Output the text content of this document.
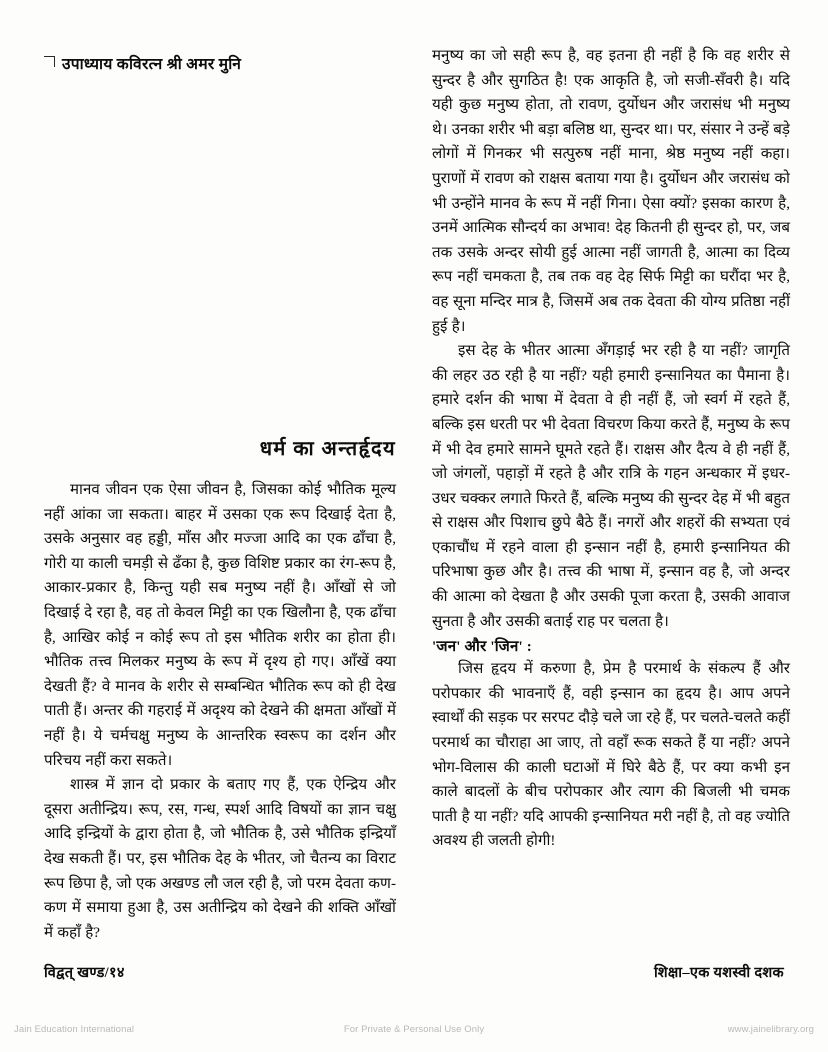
उपाध्याय कविरत्न श्री अमर मुनि
धर्म का अन्तर्हृदय

मानव जीवन एक ऐसा जीवन है, जिसका कोई भौतिक मूल्य नहीं आंका जा सकता। बाहर में उसका एक रूप दिखाई देता है, उसके अनुसार वह हड्डी, माँस और मज्जा आदि का एक ढाँचा है, गोरी या काली चमड़ी से ढँका है, कुछ विशिष्ट प्रकार का रंग-रूप है, आकार-प्रकार है, किन्तु यही सब मनुष्य नहीं है। आँखों से जो दिखाई दे रहा है, वह तो केवल मिट्टी का एक खिलौना है, एक ढाँचा है, आखिर कोई न कोई रूप तो इस भौतिक शरीर का होता ही। भौतिक तत्त्व मिलकर मनुष्य के रूप में दृश्य हो गए। आँखें क्या देखती हैं? वे मानव के शरीर से सम्बन्धित भौतिक रूप को ही देख पाती हैं। अन्तर की गहराई में अदृश्य को देखने की क्षमता आँखों में नहीं है। ये चर्मचक्षु मनुष्य के आन्तरिक स्वरूप का दर्शन और परिचय नहीं करा सकते।

शास्त्र में ज्ञान दो प्रकार के बताए गए हैं, एक ऐन्द्रिय और दूसरा अतीन्द्रिय। रूप, रस, गन्ध, स्पर्श आदि विषयों का ज्ञान चक्षु आदि इन्द्रियों के द्वारा होता है, जो भौतिक है, उसे भौतिक इन्द्रियाँ देख सकती हैं। पर, इस भौतिक देह के भीतर, जो चैतन्य का विराट रूप छिपा है, जो एक अखण्ड लौ जल रही है, जो परम देवता कण-कण में समाया हुआ है, उस अतीन्द्रिय को देखने की शक्ति आँखों में कहाँ है?

मनुष्य का जो सही रूप है, वह इतना ही नहीं है कि वह शरीर से सुन्दर है और सुगठित है! एक आकृति है, जो सजी-सँवरी है। यदि यही कुछ मनुष्य होता, तो रावण, दुर्योधन और जरासंध भी मनुष्य थे। उनका शरीर भी बड़ा बलिष्ठ था, सुन्दर था। पर, संसार ने उन्हें बड़े लोगों में गिनकर भी सत्पुरुष नहीं माना, श्रेष्ठ मनुष्य नहीं कहा। पुराणों में रावण को राक्षस बताया गया है। दुर्योधन और जरासंध को भी उन्होंने मानव के रूप में नहीं गिना। ऐसा क्यों? इसका कारण है, उनमें आत्मिक सौन्दर्य का अभाव! देह कितनी ही सुन्दर हो, पर, जब तक उसके अन्दर सोयी हुई आत्मा नहीं जागती है, आत्मा का दिव्य रूप नहीं चमकता है, तब तक वह देह सिर्फ मिट्टी का घरौंदा भर है, वह सूना मन्दिर मात्र है, जिसमें अब तक देवता की योग्य प्रतिष्ठा नहीं हुई है।

इस देह के भीतर आत्मा अँगड़ाई भर रही है या नहीं? जागृति की लहर उठ रही है या नहीं? यही हमारी इन्सानियत का पैमाना है। हमारे दर्शन की भाषा में देवता वे ही नहीं हैं, जो स्वर्ग में रहते हैं, बल्कि इस धरती पर भी देवता विचरण किया करते हैं, मनुष्य के रूप में भी देव हमारे सामने घूमते रहते हैं। राक्षस और दैत्य वे ही नहीं हैं, जो जंगलों, पहाड़ों में रहते है और रात्रि के गहन अन्धकार में इधर-उधर चक्कर लगाते फिरते हैं, बल्कि मनुष्य की सुन्दर देह में भी बहुत से राक्षस और पिशाच छुपे बैठे हैं। नगरों और शहरों की सभ्यता एवं एकाचौंध में रहने वाला ही इन्सान नहीं है, हमारी इन्सानियत की परिभाषा कुछ और है। तत्त्व की भाषा में, इन्सान वह है, जो अन्दर की आत्मा को देखता है और उसकी पूजा करता है, उसकी आवाज सुनता है और उसकी बताई राह पर चलता है।

'जन' और 'जिन' :

जिस हृदय में करुणा है, प्रेम है परमार्थ के संकल्प हैं और परोपकार की भावनाएँ हैं, वही इन्सान का हृदय है। आप अपने स्वार्थों की सड़क पर सरपट दौड़े चले जा रहे हैं, पर चलते-चलते कहीं परमार्थ का चौराहा आ जाए, तो वहाँ रूक सकते हैं या नहीं? अपने भोग-विलास की काली घटाओं में घिरे बैठे हैं, पर क्या कभी इन काले बादलों के बीच परोपकार और त्याग की बिजली भी चमक पाती है या नहीं? यदि आपकी इन्सानियत मरी नहीं है, तो वह ज्योति अवश्य ही जलती होगी!

विद्वत् खण्ड/१४	शिक्षा–एक यशस्वी दशक
Jain Education International	For Private & Personal Use Only	www.jainelibrary.org
